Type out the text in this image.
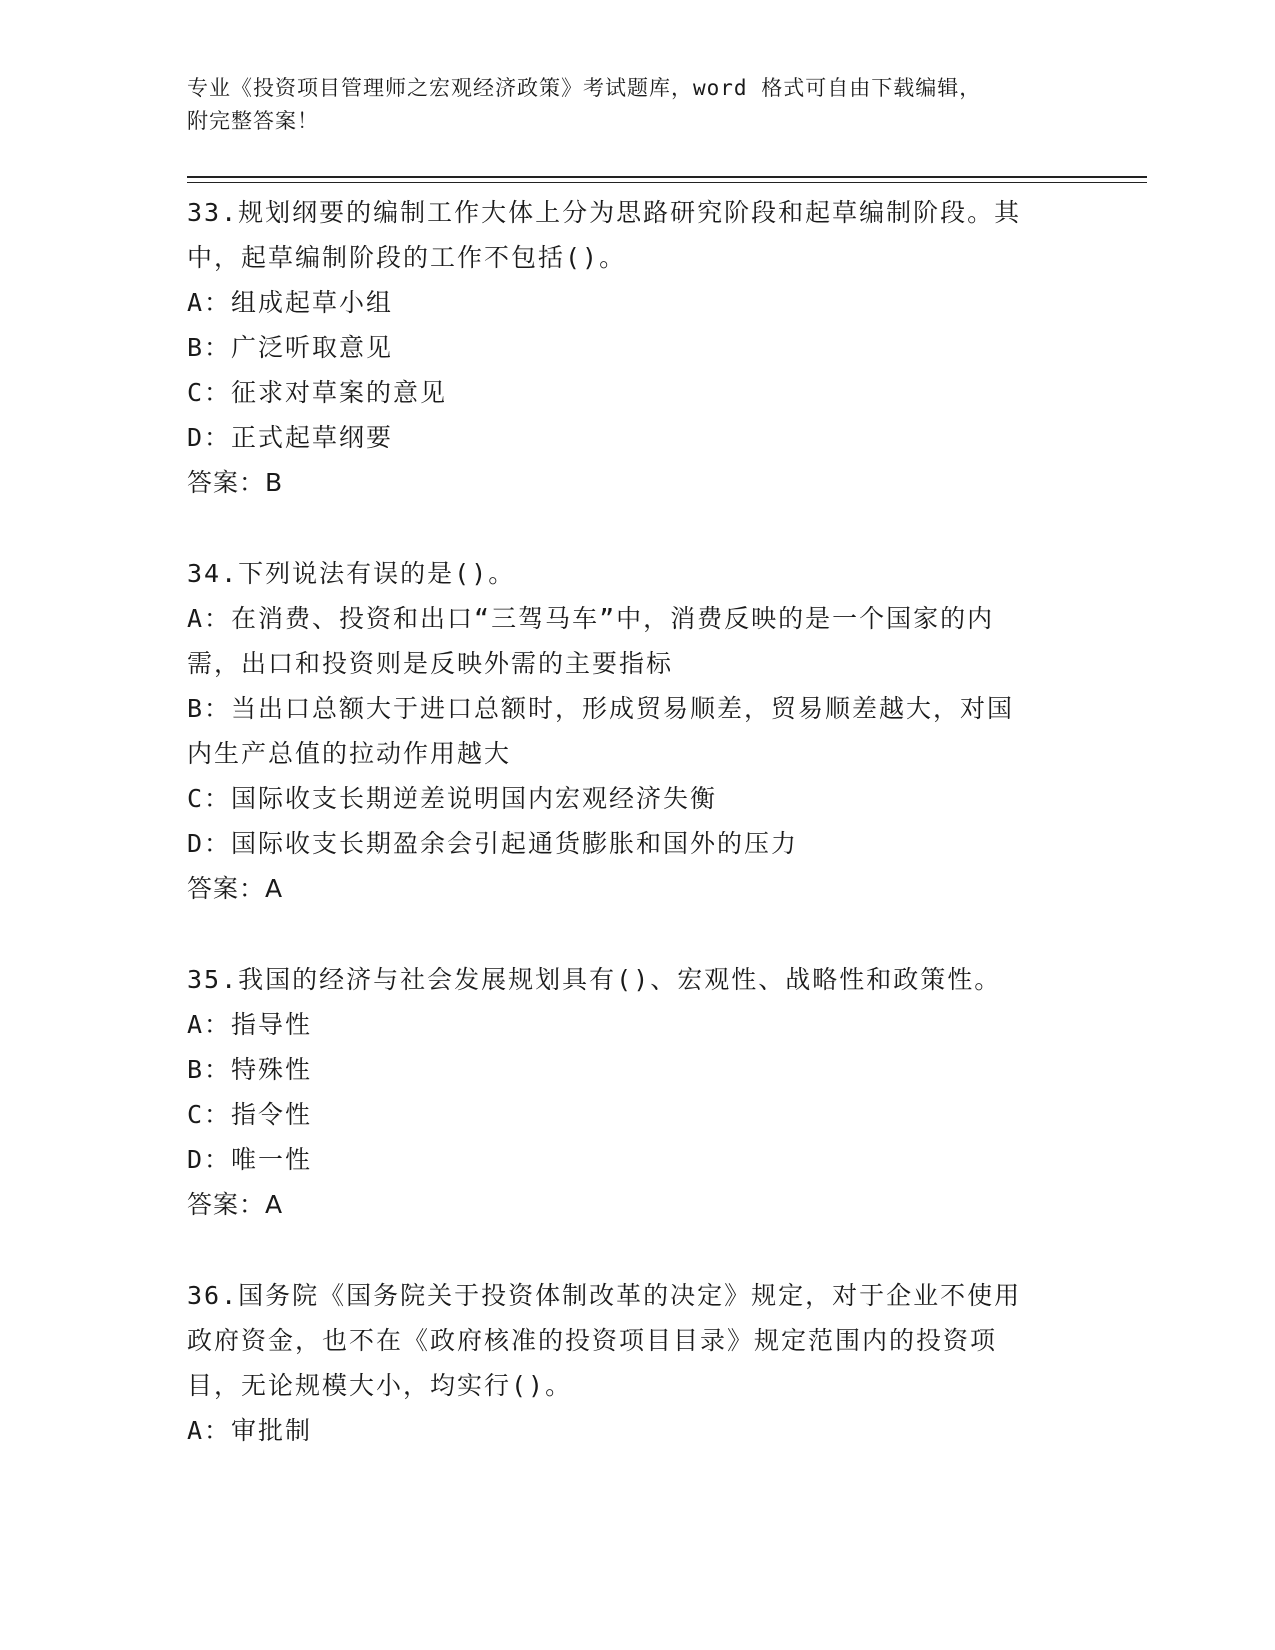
专业《投资项目管理师之宏观经济政策》考试题库，word 格式可自由下载编辑，
附完整答案！
33.规划纲要的编制工作大体上分为思路研究阶段和起草编制阶段。其
中，起草编制阶段的工作不包括()。
A：组成起草小组
B：广泛听取意见
C：征求对草案的意见
D：正式起草纲要
答案：B
34.下列说法有误的是()。
A：在消费、投资和出口“三驾马车”中，消费反映的是一个国家的内
需，出口和投资则是反映外需的主要指标
B：当出口总额大于进口总额时，形成贸易顺差，贸易顺差越大，对国
内生产总值的拉动作用越大
C：国际收支长期逆差说明国内宏观经济失衡
D：国际收支长期盈余会引起通货膨胀和国外的压力
答案：A
35.我国的经济与社会发展规划具有()、宏观性、战略性和政策性。
A：指导性
B：特殊性
C：指令性
D：唯一性
答案：A
36.国务院《国务院关于投资体制改革的决定》规定，对于企业不使用
政府资金，也不在《政府核准的投资项目目录》规定范围内的投资项
目，无论规模大小，均实行()。
A：审批制
